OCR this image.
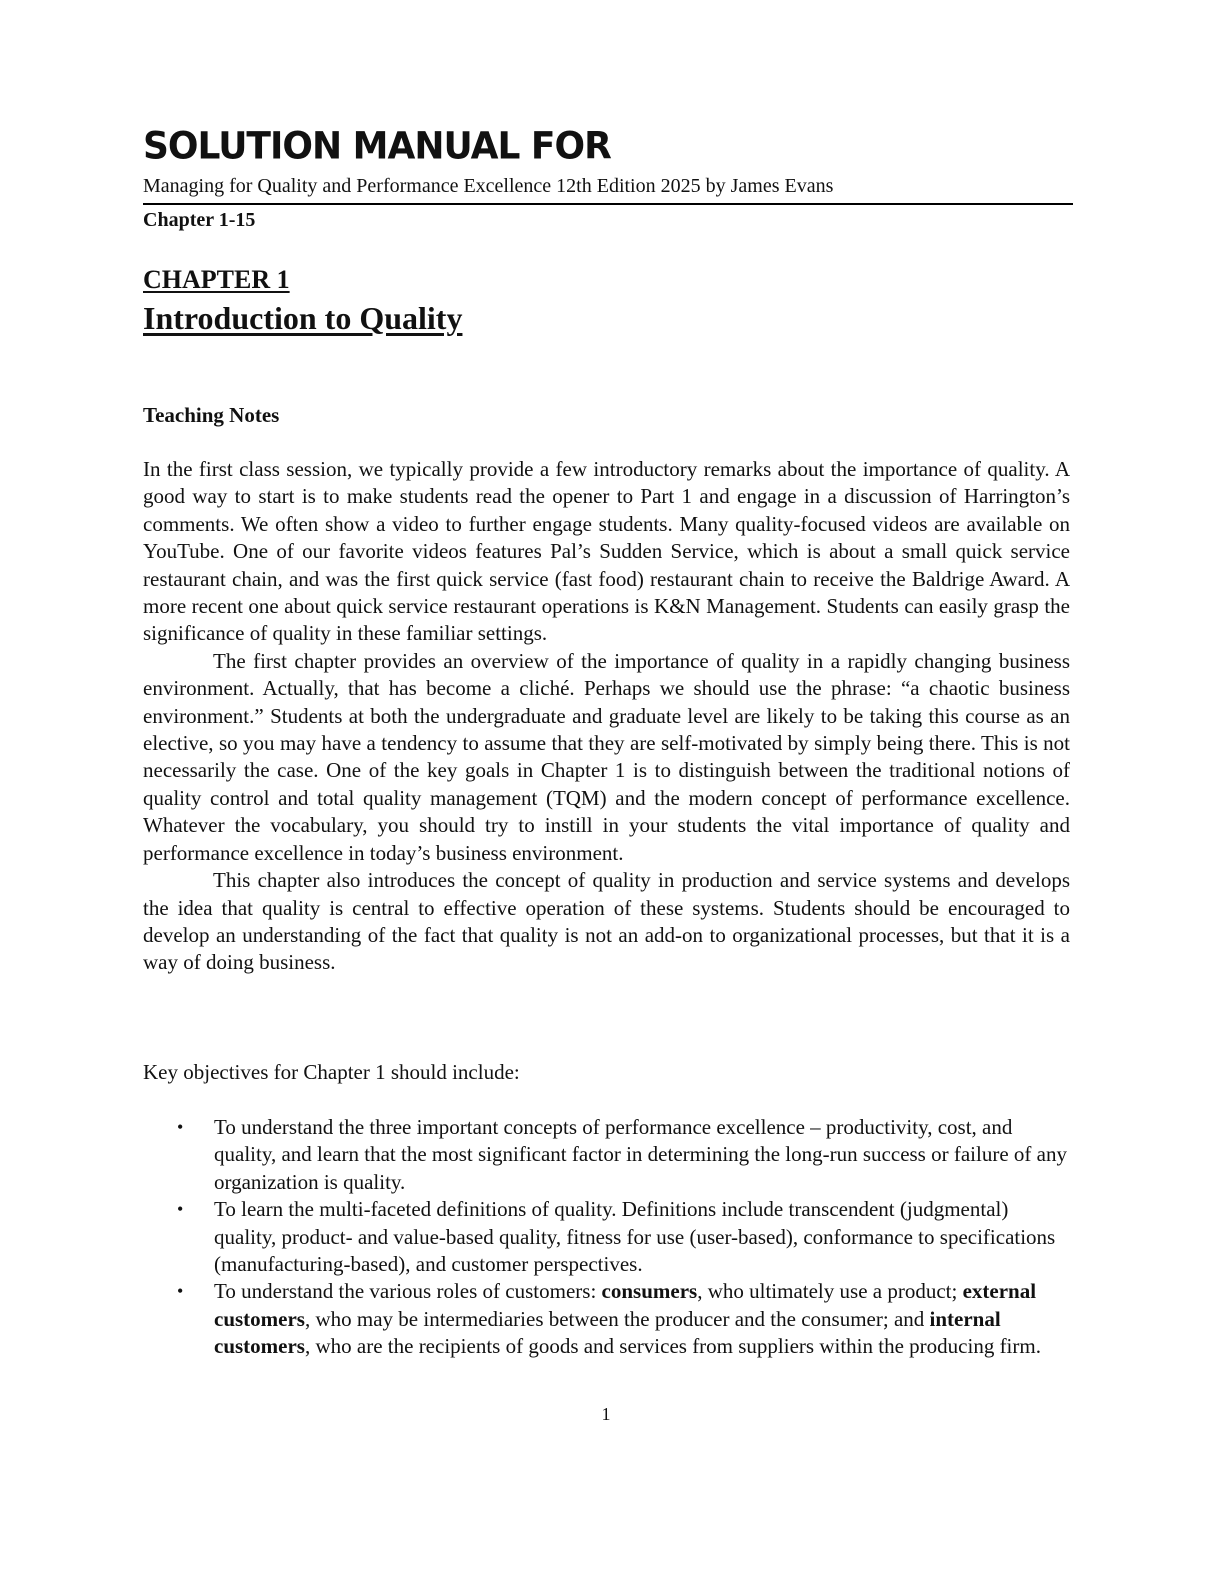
SOLUTION MANUAL FOR
Managing for Quality and Performance Excellence 12th Edition 2025 by James Evans
Chapter 1-15
CHAPTER 1
Introduction to Quality
Teaching Notes

In the first class session, we typically provide a few introductory remarks about the importance of quality. A good way to start is to make students read the opener to Part 1 and engage in a discussion of Harrington’s comments. We often show a video to further engage students. Many quality-focused videos are available on YouTube. One of our favorite videos features Pal’s Sudden Service, which is about a small quick service restaurant chain, and was the first quick service (fast food) restaurant chain to receive the Baldrige Award. A more recent one about quick service restaurant operations is K&N Management. Students can easily grasp the significance of quality in these familiar settings.

The first chapter provides an overview of the importance of quality in a rapidly changing business environment. Actually, that has become a cliché. Perhaps we should use the phrase: “a chaotic business environment.” Students at both the undergraduate and graduate level are likely to be taking this course as an elective, so you may have a tendency to assume that they are self-motivated by simply being there. This is not necessarily the case. One of the key goals in Chapter 1 is to distinguish between the traditional notions of quality control and total quality management (TQM) and the modern concept of performance excellence. Whatever the vocabulary, you should try to instill in your students the vital importance of quality and performance excellence in today’s business environment.

This chapter also introduces the concept of quality in production and service systems and develops the idea that quality is central to effective operation of these systems. Students should be encouraged to develop an understanding of the fact that quality is not an add-on to organizational processes, but that it is a way of doing business.

Key objectives for Chapter 1 should include:
• To understand the three important concepts of performance excellence – productivity, cost, and quality, and learn that the most significant factor in determining the long-run success or failure of any organization is quality.
• To learn the multi-faceted definitions of quality. Definitions include transcendent (judgmental) quality, product- and value-based quality, fitness for use (user-based), conformance to specifications (manufacturing-based), and customer perspectives.
• To understand the various roles of customers: consumers, who ultimately use a product; external customers, who may be intermediaries between the producer and the consumer; and internal customers, who are the recipients of goods and services from suppliers within the producing firm.
1
